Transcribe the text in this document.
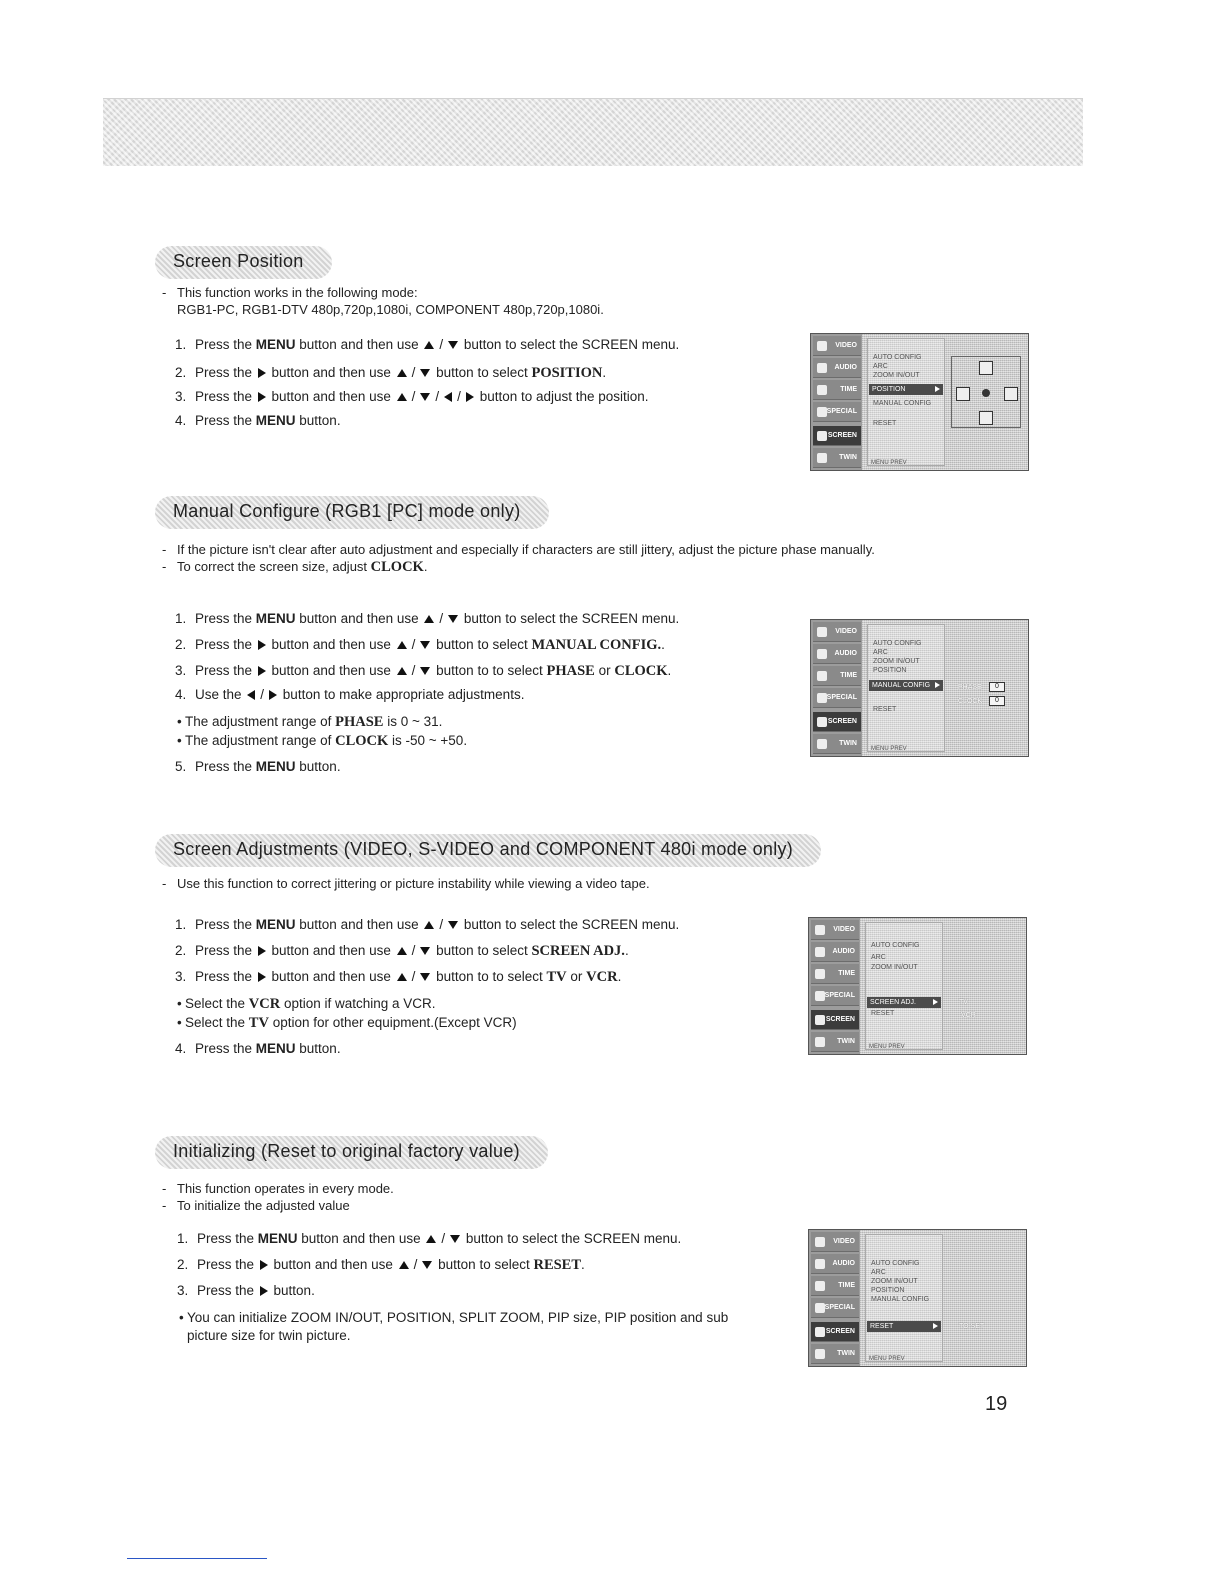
Screen Position
- This function works in the following mode:
RGB1-PC, RGB1-DTV 480p,720p,1080i, COMPONENT 480p,720p,1080i.
1. Press the MENU button and then use / button to select the SCREEN menu.
2. Press the  button and then use / button to select POSITION.
3. Press the  button and then use / / / button to adjust the position.
4. Press the MENU button.
VIDEO
AUDIO
TIME
SPECIAL
SCREEN
TWIN
AUTO CONFIG
ARC
ZOOM IN/OUT
POSITION
MANUAL CONFIG
RESET
MENU PREV
Manual Configure (RGB1 [PC] mode only)
- If the picture isn't clear after auto adjustment and especially if characters are still jittery, adjust the picture phase manually.
- To correct the screen size, adjust CLOCK.
1. Press the MENU button and then use / button to select the SCREEN menu.
2. Press the  button and then use / button to select MANUAL CONFIG..
3. Press the  button and then use / button to to select PHASE or CLOCK.
4. Use the / button to make appropriate adjustments.
• The adjustment range of PHASE is 0 ~ 31.
• The adjustment range of CLOCK is -50 ~ +50.
5. Press the MENU button.
VIDEO
AUDIO
TIME
SPECIAL
SCREEN
TWIN
AUTO CONFIG
ARC
ZOOM IN/OUT
POSITION
MANUAL CONFIG
RESET
MENU PREV
PHASE	0
CLOCK	0
Screen Adjustments (VIDEO, S-VIDEO and COMPONENT 480i mode only)
- Use this function to correct jittering or picture instability while viewing a video tape.
1. Press the MENU button and then use / button to select the SCREEN menu.
2. Press the  button and then use / button to select SCREEN ADJ..
3. Press the  button and then use / button to to select TV or VCR.
• Select the VCR option if watching a VCR.
• Select the TV option for other equipment.(Except VCR)
4. Press the MENU button.
VIDEO
AUDIO
TIME
SPECIAL
SCREEN
TWIN
AUTO CONFIG
ARC
ZOOM IN/OUT
SCREEN ADJ.
RESET
MENU PREV
TV
VCR
Initializing (Reset to original factory value)
- This function operates in every mode.
- To initialize the adjusted value
1. Press the MENU button and then use / button to select the SCREEN menu.
2. Press the  button and then use / button to select RESET.
3. Press the  button.
• You can initialize ZOOM IN/OUT, POSITION, SPLIT ZOOM, PIP size, PIP position and sub picture size for twin picture.
VIDEO
AUDIO
TIME
SPECIAL
SCREEN
TWIN
AUTO CONFIG
ARC
ZOOM IN/OUT
POSITION
MANUAL CONFIG
RESET
MENU PREV
TO SET
19
